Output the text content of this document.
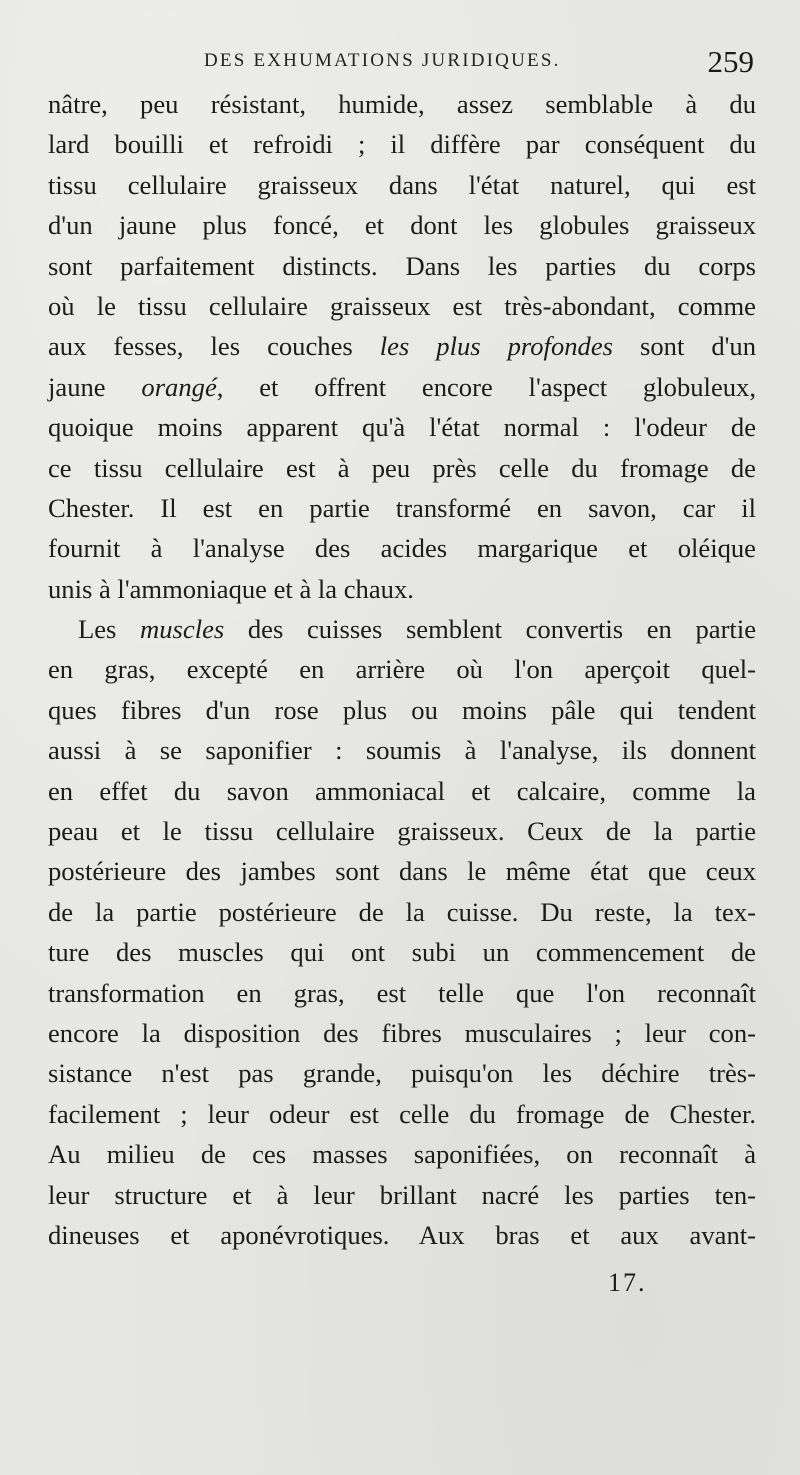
DES EXHUMATIONS JURIDIQUES.	259
nâtre, peu résistant, humide, assez semblable à du
lard bouilli et refroidi ; il diffère par conséquent du
tissu cellulaire graisseux dans l'état naturel, qui est
d'un jaune plus foncé, et dont les globules graisseux
sont parfaitement distincts. Dans les parties du corps
où le tissu cellulaire graisseux est très-abondant, comme
aux fesses, les couches les plus profondes sont d'un
jaune orangé, et offrent encore l'aspect globuleux,
quoique moins apparent qu'à l'état normal : l'odeur de
ce tissu cellulaire est à peu près celle du fromage de
Chester. Il est en partie transformé en savon, car il
fournit à l'analyse des acides margarique et oléique
unis à l'ammoniaque et à la chaux.
Les muscles des cuisses semblent convertis en partie
en gras, excepté en arrière où l'on aperçoit quel-
ques fibres d'un rose plus ou moins pâle qui tendent
aussi à se saponifier : soumis à l'analyse, ils donnent
en effet du savon ammoniacal et calcaire, comme la
peau et le tissu cellulaire graisseux. Ceux de la partie
postérieure des jambes sont dans le même état que ceux
de la partie postérieure de la cuisse. Du reste, la tex-
ture des muscles qui ont subi un commencement de
transformation en gras, est telle que l'on reconnaît
encore la disposition des fibres musculaires ; leur con-
sistance n'est pas grande, puisqu'on les déchire très-
facilement ; leur odeur est celle du fromage de Chester.
Au milieu de ces masses saponifiées, on reconnaît à
leur structure et à leur brillant nacré les parties ten-
dineuses et aponévrotiques. Aux bras et aux avant-
17.
